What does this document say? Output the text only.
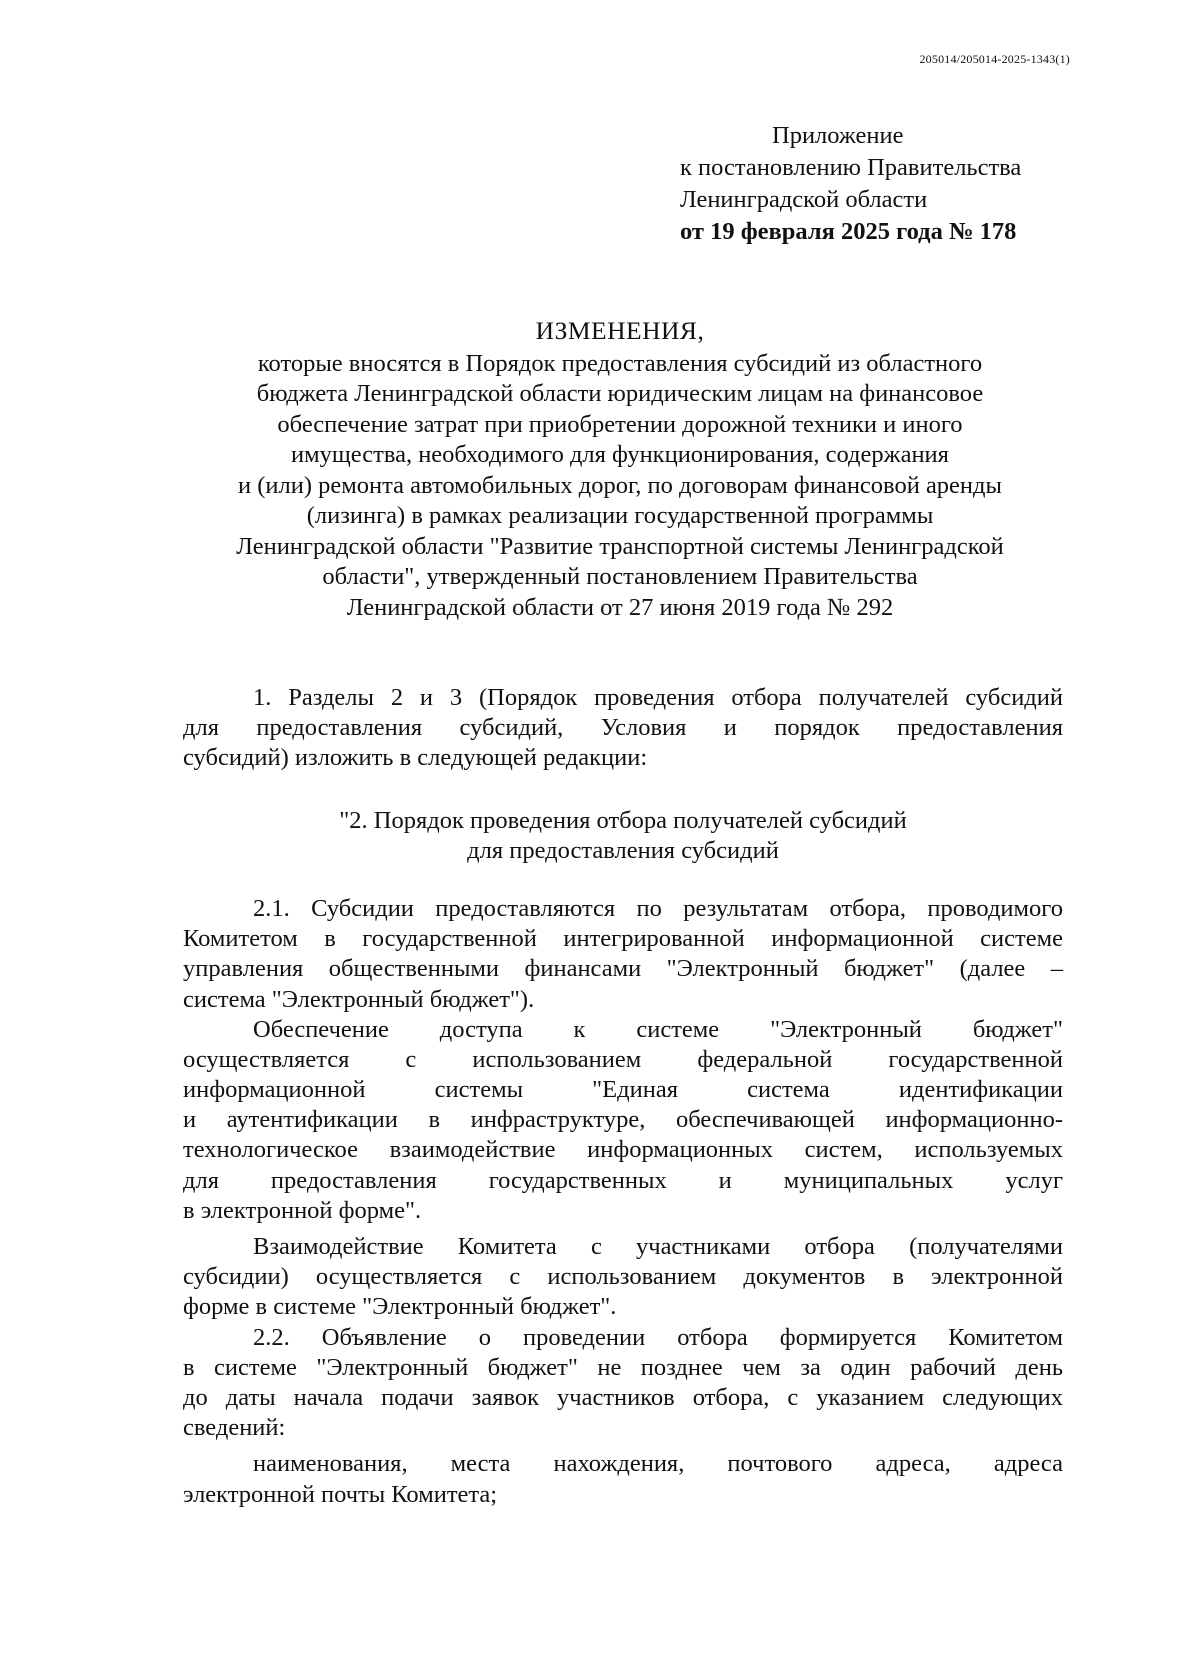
205014/205014-2025-1343(1)
Приложение
к постановлению Правительства
Ленинградской области
от 19 февраля 2025 года № 178
ИЗМЕНЕНИЯ,
которые вносятся в Порядок предоставления субсидий из областного
бюджета Ленинградской области юридическим лицам на финансовое
обеспечение затрат при приобретении дорожной техники и иного
имущества, необходимого для функционирования, содержания
и (или) ремонта автомобильных дорог, по договорам финансовой аренды
(лизинга) в рамках реализации государственной программы
Ленинградской области "Развитие транспортной системы Ленинградской
области", утвержденный постановлением Правительства
Ленинградской области от 27 июня 2019 года № 292
1. Разделы 2 и 3 (Порядок проведения отбора получателей субсидий
для предоставления субсидий, Условия и порядок предоставления
субсидий) изложить в следующей редакции:
"2. Порядок проведения отбора получателей субсидий
для предоставления субсидий
2.1. Субсидии предоставляются по результатам отбора, проводимого
Комитетом в государственной интегрированной информационной системе
управления общественными финансами "Электронный бюджет" (далее –
система "Электронный бюджет").
Обеспечение доступа к системе "Электронный бюджет"
осуществляется с использованием федеральной государственной
информационной системы "Единая система идентификации
и аутентификации в инфраструктуре, обеспечивающей информационно-
технологическое взаимодействие информационных систем, используемых
для предоставления государственных и муниципальных услуг
в электронной форме".
Взаимодействие Комитета с участниками отбора (получателями
субсидии) осуществляется с использованием документов в электронной
форме в системе "Электронный бюджет".
2.2. Объявление о проведении отбора формируется Комитетом
в системе "Электронный бюджет" не позднее чем за один рабочий день
до даты начала подачи заявок участников отбора, с указанием следующих
сведений:
наименования, места нахождения, почтового адреса, адреса
электронной почты Комитета;
